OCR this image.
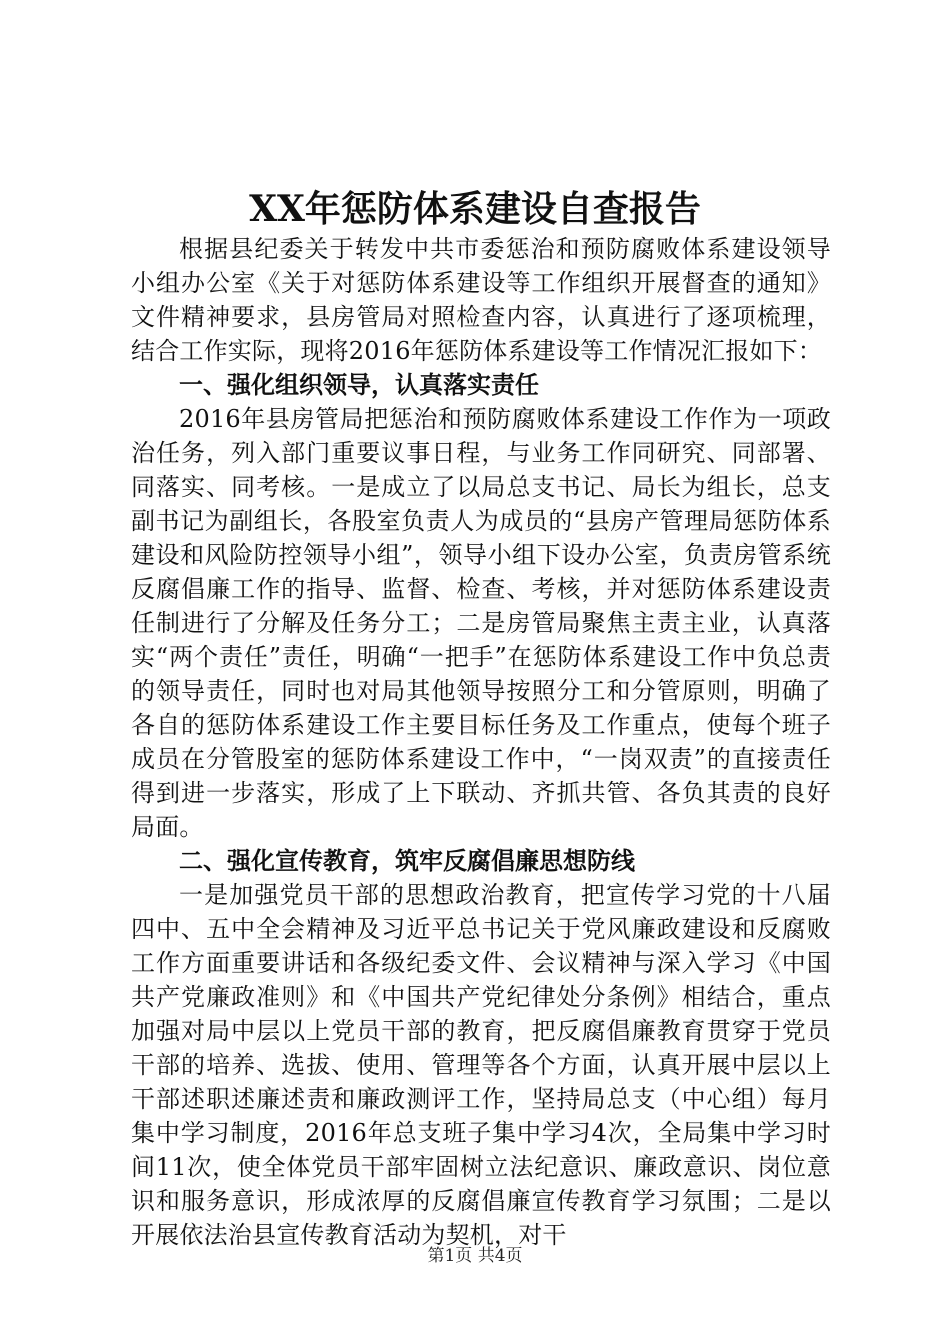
XX年惩防体系建设自查报告

根据县纪委关于转发中共市委惩治和预防腐败体系建设领导小组办公室《关于对惩防体系建设等工作组织开展督查的通知》文件精神要求，县房管局对照检查内容，认真进行了逐项梳理，结合工作实际，现将2016年惩防体系建设等工作情况汇报如下：

一、强化组织领导，认真落实责任

2016年县房管局把惩治和预防腐败体系建设工作作为一项政治任务，列入部门重要议事日程，与业务工作同研究、同部署、同落实、同考核。一是成立了以局总支书记、局长为组长，总支副书记为副组长，各股室负责人为成员的“县房产管理局惩防体系建设和风险防控领导小组”，领导小组下设办公室，负责房管系统反腐倡廉工作的指导、监督、检查、考核，并对惩防体系建设责任制进行了分解及任务分工；二是房管局聚焦主责主业，认真落实“两个责任”责任，明确“一把手”在惩防体系建设工作中负总责的领导责任，同时也对局其他领导按照分工和分管原则，明确了各自的惩防体系建设工作主要目标任务及工作重点，使每个班子成员在分管股室的惩防体系建设工作中，“一岗双责”的直接责任得到进一步落实，形成了上下联动、齐抓共管、各负其责的良好局面。

二、强化宣传教育，筑牢反腐倡廉思想防线

一是加强党员干部的思想政治教育，把宣传学习党的十八届四中、五中全会精神及习近平总书记关于党风廉政建设和反腐败工作方面重要讲话和各级纪委文件、会议精神与深入学习《中国共产党廉政准则》和《中国共产党纪律处分条例》相结合，重点加强对局中层以上党员干部的教育，把反腐倡廉教育贯穿于党员干部的培养、选拔、使用、管理等各个方面，认真开展中层以上干部述职述廉述责和廉政测评工作，坚持局总支（中心组）每月集中学习制度，2016年总支班子集中学习4次，全局集中学习时间11次，使全体党员干部牢固树立法纪意识、廉政意识、岗位意识和服务意识，形成浓厚的反腐倡廉宣传教育学习氛围；二是以开展依法治县宣传教育活动为契机，对干

第1页 共4页
